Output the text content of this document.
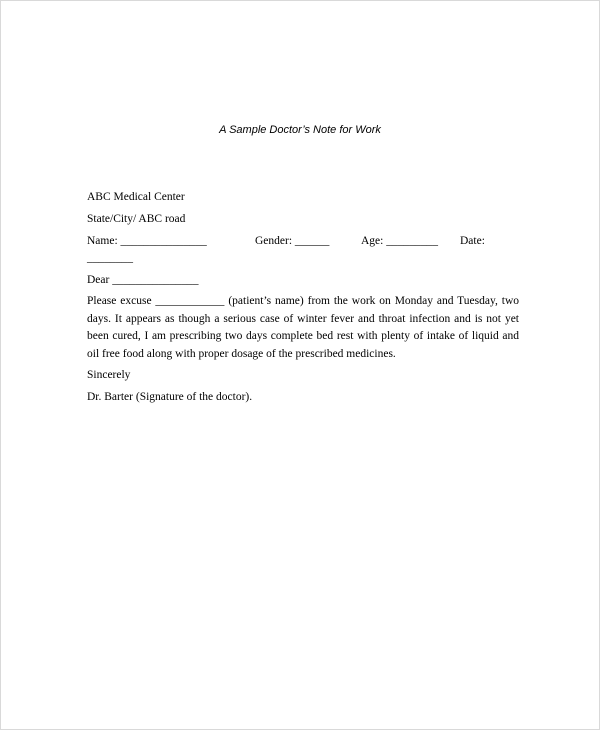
A Sample Doctor’s Note for Work
ABC Medical Center
State/City/ ABC road
Name: _______________	Gender: ______	Age: _________ Date:
________
Dear _______________
Please excuse ____________ (patient’s name) from the work on Monday and Tuesday, two days. It appears as though a serious case of winter fever and throat infection and is not yet been cured, I am prescribing two days complete bed rest with plenty of intake of liquid and oil free food along with proper dosage of the prescribed medicines.
Sincerely
Dr. Barter (Signature of the doctor).
